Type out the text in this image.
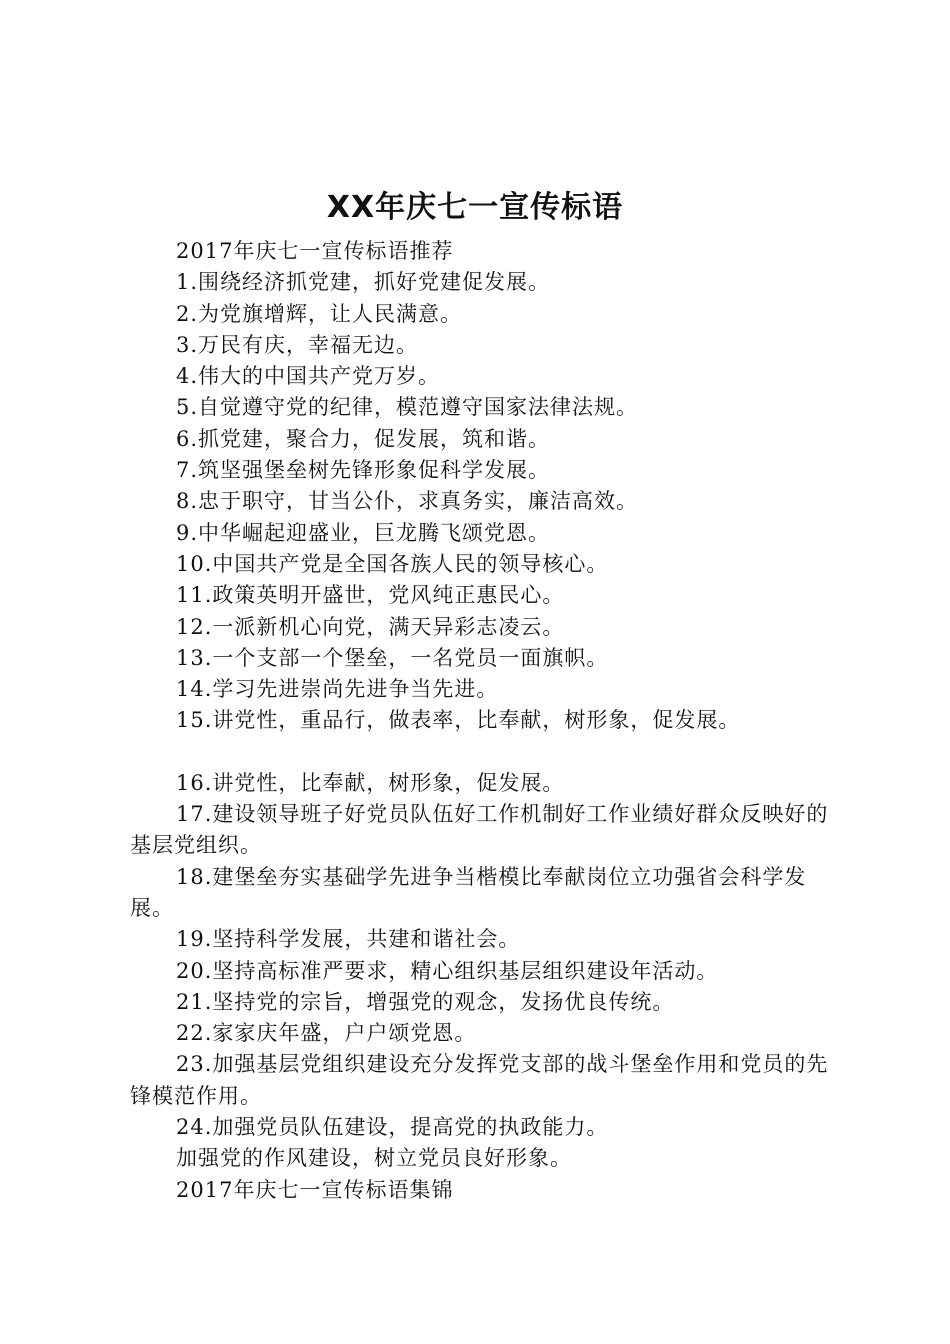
XX年庆七一宣传标语
2017年庆七一宣传标语推荐
1.围绕经济抓党建，抓好党建促发展。
2.为党旗增辉，让人民满意。
3.万民有庆，幸福无边。
4.伟大的中国共产党万岁。
5.自觉遵守党的纪律，模范遵守国家法律法规。
6.抓党建，聚合力，促发展，筑和谐。
7.筑坚强堡垒树先锋形象促科学发展。
8.忠于职守，甘当公仆，求真务实，廉洁高效。
9.中华崛起迎盛业，巨龙腾飞颂党恩。
10.中国共产党是全国各族人民的领导核心。
11.政策英明开盛世，党风纯正惠民心。
12.一派新机心向党，满天异彩志凌云。
13.一个支部一个堡垒，一名党员一面旗帜。
14.学习先进崇尚先进争当先进。
15.讲党性，重品行，做表率，比奉献，树形象，促发展。
16.讲党性，比奉献，树形象，促发展。
17.建设领导班子好党员队伍好工作机制好工作业绩好群众反映好的基层党组织。
18.建堡垒夯实基础学先进争当楷模比奉献岗位立功强省会科学发展。
19.坚持科学发展，共建和谐社会。
20.坚持高标准严要求，精心组织基层组织建设年活动。
21.坚持党的宗旨，增强党的观念，发扬优良传统。
22.家家庆年盛，户户颂党恩。
23.加强基层党组织建设充分发挥党支部的战斗堡垒作用和党员的先锋模范作用。
24.加强党员队伍建设，提高党的执政能力。
加强党的作风建设，树立党员良好形象。
2017年庆七一宣传标语集锦
